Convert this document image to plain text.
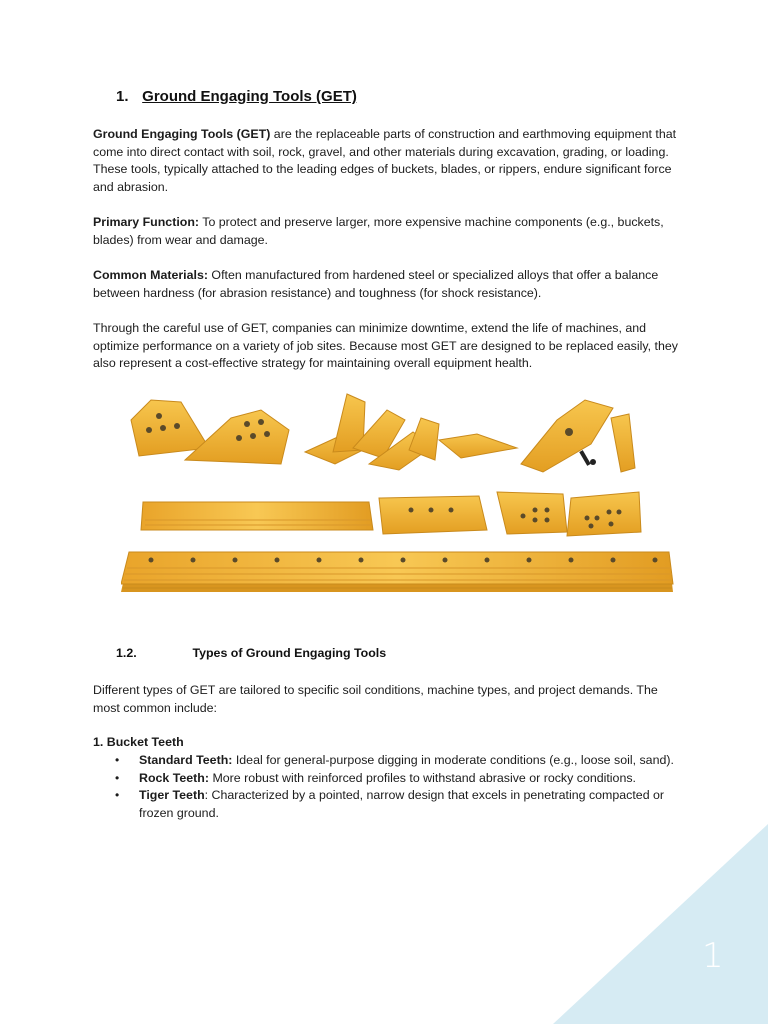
1. Ground Engaging Tools (GET)
Ground Engaging Tools (GET) are the replaceable parts of construction and earthmoving equipment that come into direct contact with soil, rock, gravel, and other materials during excavation, grading, or loading. These tools, typically attached to the leading edges of buckets, blades, or rippers, endure significant force and abrasion.
Primary Function: To protect and preserve larger, more expensive machine components (e.g., buckets, blades) from wear and damage.
Common Materials: Often manufactured from hardened steel or specialized alloys that offer a balance between hardness (for abrasion resistance) and toughness (for shock resistance).
Through the careful use of GET, companies can minimize downtime, extend the life of machines, and optimize performance on a variety of job sites. Because most GET are designed to be replaced easily, they also represent a cost-effective strategy for maintaining overall equipment health.
1.2.	Types of Ground Engaging Tools
Different types of GET are tailored to specific soil conditions, machine types, and project demands. The most common include:
1. Bucket Teeth
• Standard Teeth: Ideal for general-purpose digging in moderate conditions (e.g., loose soil, sand).
• Rock Teeth: More robust with reinforced profiles to withstand abrasive or rocky conditions.
• Tiger Teeth: Characterized by a pointed, narrow design that excels in penetrating compacted or frozen ground.
1
